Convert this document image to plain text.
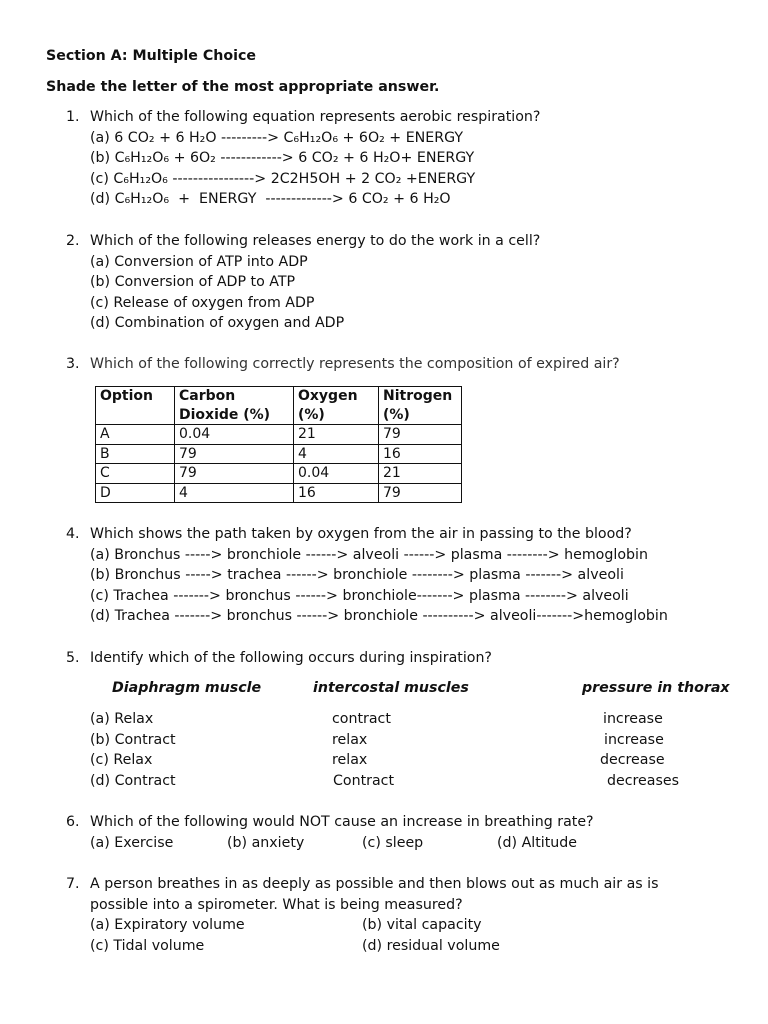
Section A: Multiple Choice
Shade the letter of the most appropriate answer.
1. Which of the following equation represents aerobic respiration?
(a) 6 CO₂ + 6 H₂O ---------> C₆H₁₂O₆ + 6O₂ + ENERGY
(b) C₆H₁₂O₆ + 6O₂ ------------> 6 CO₂ + 6 H₂O+ ENERGY
(c) C₆H₁₂O₆ ----------------> 2C2H5OH + 2 CO₂ +ENERGY
(d) C₆H₁₂O₆  +  ENERGY  -------------> 6 CO₂ + 6 H₂O
2. Which of the following releases energy to do the work in a cell?
(a) Conversion of ATP into ADP
(b) Conversion of ADP to ATP
(c) Release of oxygen from ADP
(d) Combination of oxygen and ADP
3. Which of the following correctly represents the composition of expired air?
Option	Carbon Dioxide (%)	Oxygen (%)	Nitrogen (%)
A	0.04	21	79
B	79	4	16
C	79	0.04	21
D	4	16	79
4. Which shows the path taken by oxygen from the air in passing to the blood?
(a) Bronchus -----> bronchiole ------> alveoli ------> plasma --------> hemoglobin
(b) Bronchus -----> trachea ------> bronchiole --------> plasma -------> alveoli
(c) Trachea -------> bronchus ------> bronchiole-------> plasma --------> alveoli
(d) Trachea -------> bronchus ------> bronchiole ----------> alveoli------->hemoglobin
5. Identify which of the following occurs during inspiration?
Diaphragm muscle	intercostal muscles	pressure in thorax
(a) Relax	contract	increase
(b) Contract	relax	increase
(c) Relax	relax	decrease
(d) Contract	Contract	decreases
6. Which of the following would NOT cause an increase in breathing rate?
(a) Exercise	(b) anxiety	(c) sleep	(d) Altitude
7. A person breathes in as deeply as possible and then blows out as much air as is
possible into a spirometer. What is being measured?
(a) Expiratory volume	(b) vital capacity
(c) Tidal volume	(d) residual volume
